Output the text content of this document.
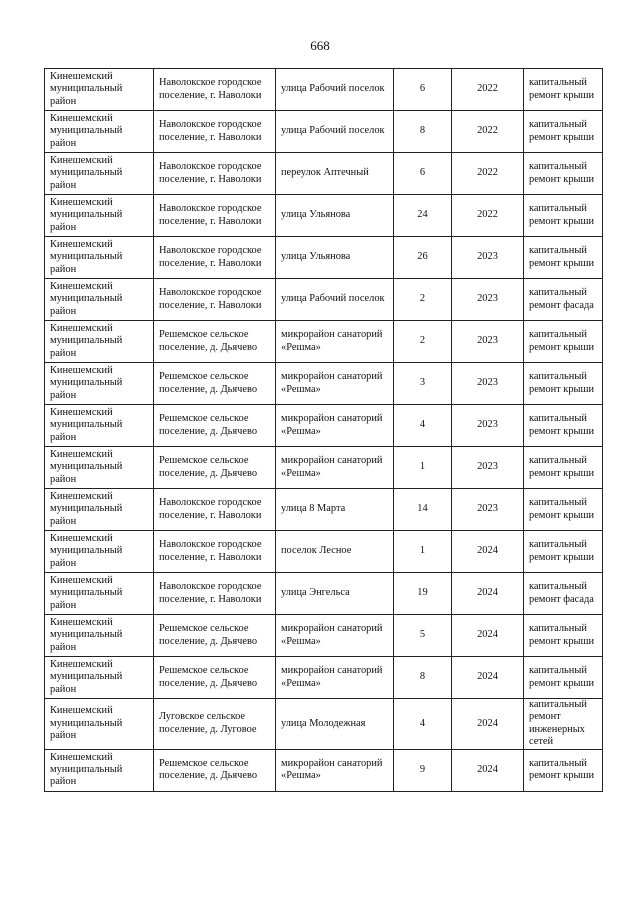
668
Кинешемский муниципальный район	Наволокское городское поселение, г. Наволоки	улица Рабочий поселок	6	2022	капитальный ремонт крыши
Кинешемский муниципальный район	Наволокское городское поселение, г. Наволоки	улица Рабочий поселок	8	2022	капитальный ремонт крыши
Кинешемский муниципальный район	Наволокское городское поселение, г. Наволоки	переулок Аптечный	6	2022	капитальный ремонт крыши
Кинешемский муниципальный район	Наволокское городское поселение, г. Наволоки	улица Ульянова	24	2022	капитальный ремонт крыши
Кинешемский муниципальный район	Наволокское городское поселение, г. Наволоки	улица Ульянова	26	2023	капитальный ремонт крыши
Кинешемский муниципальный район	Наволокское городское поселение, г. Наволоки	улица Рабочий поселок	2	2023	капитальный ремонт фасада
Кинешемский муниципальный район	Решемское сельское поселение, д. Дьячево	микрорайон санаторий «Решма»	2	2023	капитальный ремонт крыши
Кинешемский муниципальный район	Решемское сельское поселение, д. Дьячево	микрорайон санаторий «Решма»	3	2023	капитальный ремонт крыши
Кинешемский муниципальный район	Решемское сельское поселение, д. Дьячево	микрорайон санаторий «Решма»	4	2023	капитальный ремонт крыши
Кинешемский муниципальный район	Решемское сельское поселение, д. Дьячево	микрорайон санаторий «Решма»	1	2023	капитальный ремонт крыши
Кинешемский муниципальный район	Наволокское городское поселение, г. Наволоки	улица 8 Марта	14	2023	капитальный ремонт крыши
Кинешемский муниципальный район	Наволокское городское поселение, г. Наволоки	поселок Лесное	1	2024	капитальный ремонт крыши
Кинешемский муниципальный район	Наволокское городское поселение, г. Наволоки	улица Энгельса	19	2024	капитальный ремонт фасада
Кинешемский муниципальный район	Решемское сельское поселение, д. Дьячево	микрорайон санаторий «Решма»	5	2024	капитальный ремонт крыши
Кинешемский муниципальный район	Решемское сельское поселение, д. Дьячево	микрорайон санаторий «Решма»	8	2024	капитальный ремонт крыши
Кинешемский муниципальный район	Луговское сельское поселение, д. Луговое	улица Молодежная	4	2024	капитальный ремонт инженерных сетей
Кинешемский муниципальный район	Решемское сельское поселение, д. Дьячево	микрорайон санаторий «Решма»	9	2024	капитальный ремонт крыши
